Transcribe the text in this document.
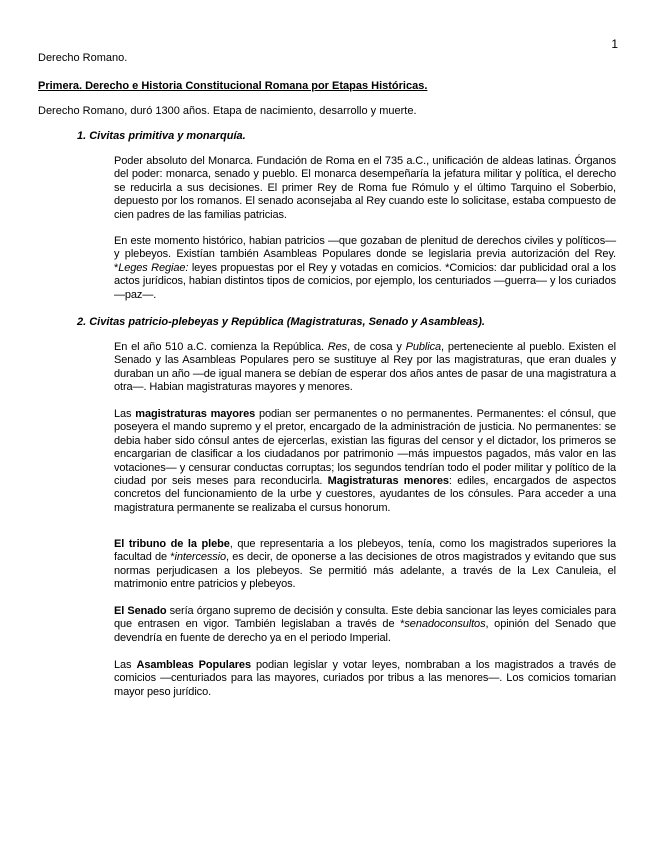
1
Derecho Romano.
Primera. Derecho e Historia Constitucional Romana por Etapas Históricas.
Derecho Romano, duró 1300 años. Etapa de nacimiento, desarrollo y muerte.
1. Civitas primitiva y monarquía.

Poder absoluto del Monarca. Fundación de Roma en el 735 a.C., unificación de aldeas latinas. Órganos del poder: monarca, senado y pueblo. El monarca desempeñaría la jefatura militar y política, el derecho se reducirla a sus decisiones. El primer Rey de Roma fue Rómulo y el último Tarquino el Soberbio, depuesto por los romanos. El senado aconsejaba al Rey cuando este lo solicitase, estaba compuesto de cien padres de las familias patricias.

En este momento histórico, habian patricios —que gozaban de plenitud de derechos civiles y políticos— y plebeyos. Existían también Asambleas Populares donde se legislaria previa autorización del Rey. *Leges Regiae: leyes propuestas por el Rey y votadas en comicios. *Comicios: dar publicidad oral a los actos jurídicos, habian distintos tipos de comicios, por ejemplo, los centuriados —guerra— y los curiados —paz—.

2. Civitas patricio-plebeyas y República (Magistraturas, Senado y Asambleas).

En el año 510 a.C. comienza la República. Res, de cosa y Publica, perteneciente al pueblo. Existen el Senado y las Asambleas Populares pero se sustituye al Rey por las magistraturas, que eran duales y duraban un año —de igual manera se debían de esperar dos años antes de pasar de una magistratura a otra—. Habian magistraturas mayores y menores.

Las magistraturas mayores podian ser permanentes o no permanentes. Permanentes: el cónsul, que poseyera el mando supremo y el pretor, encargado de la administración de justicia. No permanentes: se debia haber sido cónsul antes de ejercerlas, existian las figuras del censor y el dictador, los primeros se encargarian de clasificar a los ciudadanos por patrimonio —más impuestos pagados, más valor en las votaciones— y censurar conductas corruptas; los segundos tendrían todo el poder militar y político de la ciudad por seis meses para reconducirla. Magistraturas menores: ediles, encargados de aspectos concretos del funcionamiento de la urbe y cuestores, ayudantes de los cónsules. Para acceder a una magistratura permanente se realizaba el cursus honorum.

El tribuno de la plebe, que representaria a los plebeyos, tenía, como los magistrados superiores la facultad de *intercessio, es decir, de oponerse a las decisiones de otros magistrados y evitando que sus normas perjudicasen a los plebeyos. Se permitió más adelante, a través de la Lex Canuleia, el matrimonio entre patricios y plebeyos.

El Senado sería órgano supremo de decisión y consulta. Este debia sancionar las leyes comiciales para que entrasen en vigor. También legislaban a través de *senadoconsultos, opinión del Senado que devendría en fuente de derecho ya en el periodo Imperial.

Las Asambleas Populares podian legislar y votar leyes, nombraban a los magistrados a través de comicios —centuriados para las mayores, curiados por tribus a las menores—. Los comicios tomarian mayor peso jurídico.
